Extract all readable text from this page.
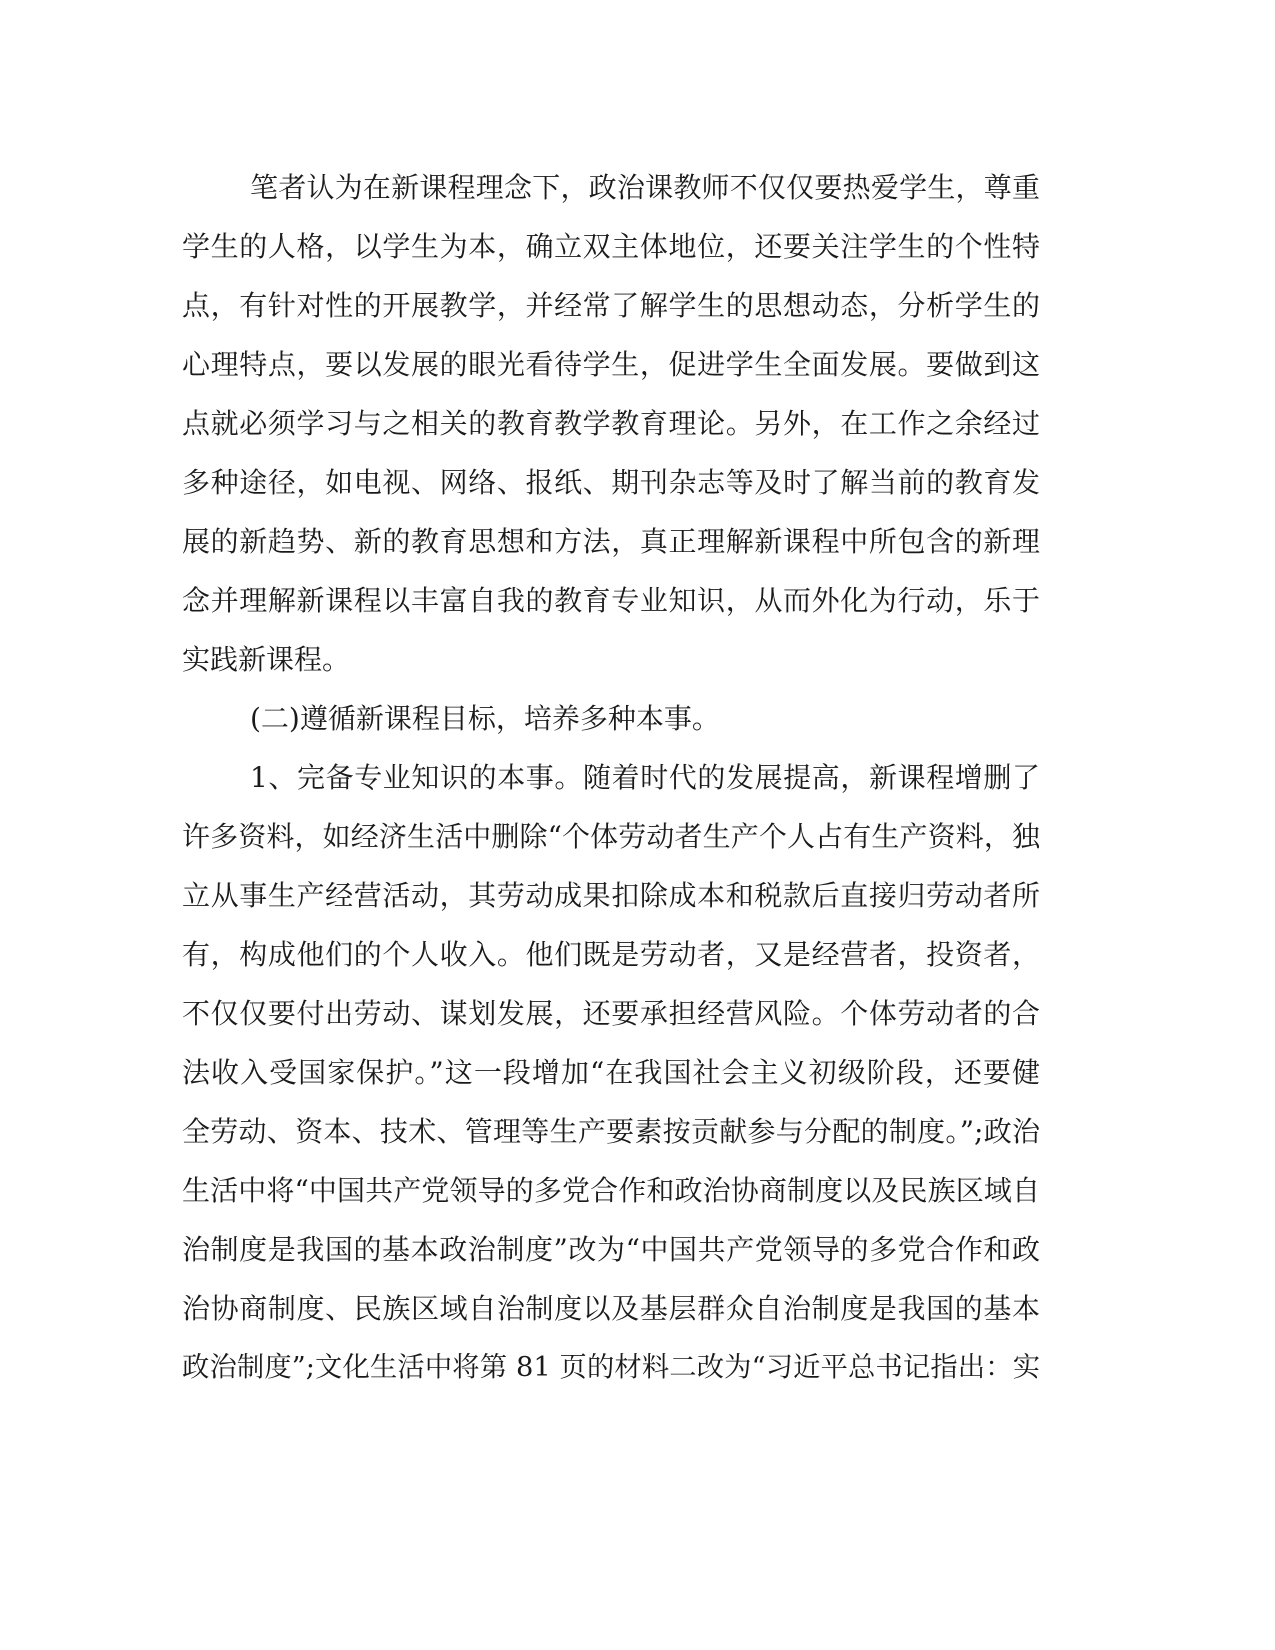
笔者认为在新课程理念下，政治课教师不仅仅要热爱学生，尊重
学生的人格，以学生为本，确立双主体地位，还要关注学生的个性特
点，有针对性的开展教学，并经常了解学生的思想动态，分析学生的
心理特点，要以发展的眼光看待学生，促进学生全面发展。要做到这
点就必须学习与之相关的教育教学教育理论。另外，在工作之余经过
多种途径，如电视、网络、报纸、期刊杂志等及时了解当前的教育发
展的新趋势、新的教育思想和方法，真正理解新课程中所包含的新理
念并理解新课程以丰富自我的教育专业知识，从而外化为行动，乐于
实践新课程。
(二)遵循新课程目标，培养多种本事。
1、完备专业知识的本事。随着时代的发展提高，新课程增删了
许多资料，如经济生活中删除“个体劳动者生产个人占有生产资料，独
立从事生产经营活动，其劳动成果扣除成本和税款后直接归劳动者所
有，构成他们的个人收入。他们既是劳动者，又是经营者，投资者，
不仅仅要付出劳动、谋划发展，还要承担经营风险。个体劳动者的合
法收入受国家保护。”这一段增加“在我国社会主义初级阶段，还要健
全劳动、资本、技术、管理等生产要素按贡献参与分配的制度。”;政治
生活中将“中国共产党领导的多党合作和政治协商制度以及民族区域自
治制度是我国的基本政治制度”改为“中国共产党领导的多党合作和政
治协商制度、民族区域自治制度以及基层群众自治制度是我国的基本
政治制度”;文化生活中将第 81 页的材料二改为“习近平总书记指出：实
